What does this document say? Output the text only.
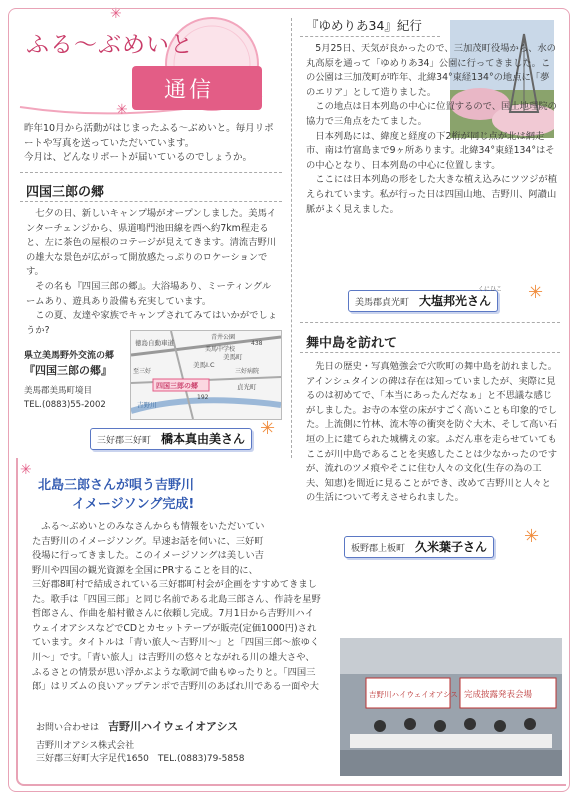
ふる〜ぶめいと
通信
✳
✳
昨年10月から活動がはじまったふる〜ぶめいと。毎月リポートや写真を送っていただいています。
今月は、どんなリポートが届いているのでしょうか。
四国三郎の郷
　七夕の日、新しいキャンプ場がオープンしました。美馬インターチェンジから、県道鳴門池田線を西へ約7km程走ると、左に茶色の屋根のコテージが見えてきます。清流吉野川の雄大な景色が広がって開放感たっぷりのロケーションです。
　その名も『四国三郎の郷』。大浴場あり、ミーティングルームあり、遊具あり設備も充実しています。
　この夏、友達や家族でキャンプされてみてはいかがでしょうか?
県立美馬野外交流の郷
『四国三郎の郷』
美馬郡美馬町境目
TEL.(0883)55-2002
徳島自動車道
美馬I.C
四国三郎の郷
美馬町
貞光町
三好病院
吉野川
192
438
美馬中学校
青井公園
至三好
三好郡三好町 橋本真由美さん ✳
『ゆめりあ34』紀行
　5月25日、天気が良かったので、三加茂町役場から、水の丸高原を通って「ゆめりあ34」公園に行ってきました。この公園は三加茂町が昨年、北緯34°東経134°の地点に「夢のエリア」として造りました。
　この地点は日本列島の中心に位置するので、国土地理院の協力で三角点をたてました。
　日本列島には、緯度と経度の下2桁が同じ点が北は網走市、南は竹富島まで9ヶ所あります。北緯34°東経134°はその中心となり、日本列島の中心に位置します。
　ここには日本列島の形をした大きな植え込みにツツジが植えられています。私が行った日は四国山地、吉野川、阿讃山脈がよく見えました。
美馬郡貞光町 大塩邦光さん
くにひこ ✳
舞中島を訪れて
　先日の歴史・写真勉強会で穴吹町の舞中島を訪れました。アインシュタインの碑は存在は知っていましたが、実際に見るのは初めてで、「本当にあったんだなぁ」と不思議な感じがしました。お寺の本堂の床がすごく高いことも印象的でした。上流側に竹林、流木等の衝突を防ぐ大木、そして高い石垣の上に建てられた城構えの家。ふだん車を走らせていてもここが川中島であることを実感したことは少なかったのですが、流れのツメ痕やそこに住む人々の文化(生存の為の工夫、知恵)を間近に見ることができ、改めて吉野川と人々との生活について考えさせられました。
板野郡上板町 久米葉子さん	✳
北島三郎さんが唄う吉野川
イメージソング完成!
✳
　ふる〜ぶめいとのみなさんからも情報をいただいていた吉野川のイメージソング。早速お話を伺いに、三好町役場に行ってきました。このイメージソングは美しい吉野川や四国の観光資源を全国にPRすることを目的に、
三好郡8町村で結成されている三好郡町村会が企画をすすめてきました。歌手は「四国三郎」と同じ名前である北島三郎さん、作詩を星野哲郎さん、作曲を船村徹さんに依頼し完成。7月1日から吉野川ハイウェイオアシスなどでCDとカセットテープが販売(定価1000円)されています。タイトルは「青い旅人〜吉野川〜」と「四国三郎〜旅ゆく川〜」です。「青い旅人」は吉野川の悠々とながれる川の雄大さや、ふるさとの情景が思い浮かぶような歌詞で曲もゆったりと。「四国三郎」はリズムの良いアップテンポで吉野川のあばれ川である一面や大
吉野川ハイウェイオアシス 完成披露発表会場
お問い合わせは　 吉野川ハイウェイオアシス
吉野川オアシス株式会社
三好郡三好町大字足代1650　 TEL.(0883)79-5858
